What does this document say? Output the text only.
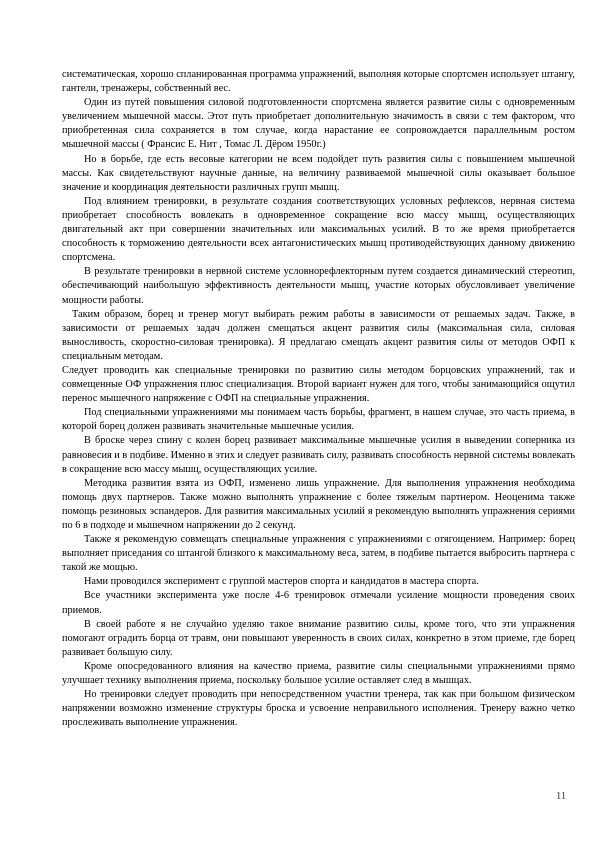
систематическая, хорошо спланированная программа упражнений, выполняя которые спортсмен использует штангу, гантели, тренажеры, собственный вес.

Один из путей повышения силовой подготовленности спортсмена является развитие силы с одновременным увеличением мышечной массы. Этот путь приобретает дополнительную значимость в связи с тем фактором, что приобретенная сила сохраняется в том случае, когда нарастание ее сопровождается параллельным ростом мышечной массы ( Франсис Е. Нит , Томас Л. Дёром 1950г.)

Но в борьбе, где есть весовые категории не всем подойдет путь развития силы с повышением мышечной массы. Как свидетельствуют научные данные, на величину развиваемой мышечной силы оказывает большое значение и координация деятельности различных групп мышц.

Под влиянием тренировки, в результате создания соответствующих условных рефлексов, нервная система приобретает способность вовлекать в одновременное сокращение всю массу мышц, осуществляющих двигательный акт при совершении значительных или максимальных усилий. В то же время приобретается способность к торможению деятельности всех антагонистических мышц противодействующих данному движению спортсмена.

В результате тренировки в нервной системе условнорефлекторным путем создается динамический стереотип, обеспечивающий наибольшую эффективность деятельности мышц, участие которых обусловливает увеличение мощности работы.

Таким образом, борец и тренер могут выбирать режим работы в зависимости от решаемых задач. Также, в зависимости от решаемых задач должен смещаться акцент развития силы (максимальная сила, силовая выносливость, скоростно-силовая тренировка). Я предлагаю смещать акцент развития силы от методов ОФП к специальным методам.

Следует проводить как специальные тренировки по развитию силы методом борцовских упражнений, так и совмещенные ОФ упражнения плюс специализация. Второй вариант нужен для того, чтобы занимающийся ощутил перенос мышечного напряжение с ОФП на специальные упражнения.

Под специальными упражнениями мы понимаем часть борьбы, фрагмент, в нашем случае, это часть приема, в которой борец должен развивать значительные мышечные усилия.

В броске через спину с колен борец развивает максимальные мышечные усилия в выведении соперника из равновесия и в подбиве. Именно в этих и следует развивать силу, развивать способность нервной системы вовлекать в сокращение всю массу мышц, осуществляющих усилие.

Методика развития взята из ОФП, изменено лишь упражнение. Для выполнения упражнения необходима помощь двух партнеров. Также можно выполнять упражнение с более тяжелым партнером. Неоценима также помощь резиновых эспандеров. Для развития максимальных усилий я рекомендую выполнять упражнения сериями по 6 в подходе и мышечном напряжении до 2 секунд.

Также я рекомендую совмещать специальные упражнения с упражнениями с отягощением. Например: борец выполняет приседания со штангой близкого к максимальному веса, затем, в подбиве пытается выбросить партнера с такой же мощью.

Нами проводился эксперимент с группой мастеров спорта и кандидатов в мастера спорта.

Все участники эксперимента уже после 4-6 тренировок отмечали усиление мощности проведения своих приемов.

В своей работе я не случайно уделяю такое внимание развитию силы, кроме того, что эти упражнения помогают оградить борца от травм, они повышают уверенность в своих силах, конкретно в этом приеме, где борец развивает большую силу.

Кроме опосредованного влияния на качество приема, развитие силы специальными упражнениями прямо улучшает технику выполнения приема, поскольку большое усилие оставляет след в мышцах.

Но тренировки следует проводить при непосредственном участии тренера, так как при большом физическом напряжении возможно изменение структуры броска и усвоение неправильного исполнения. Тренеру важно четко прослеживать выполнение упражнения.

11
